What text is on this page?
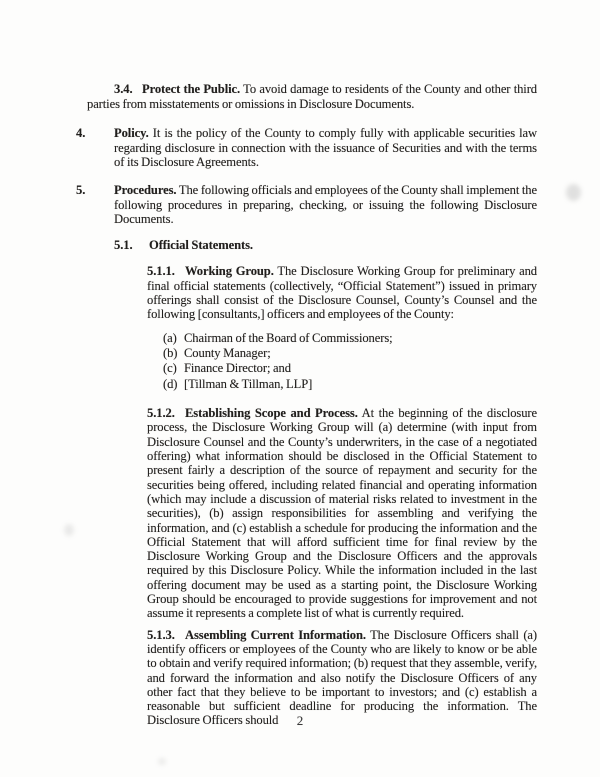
3.4. Protect the Public. To avoid damage to residents of the County and other third parties from misstatements or omissions in Disclosure Documents.

4. Policy. It is the policy of the County to comply fully with applicable securities law regarding disclosure in connection with the issuance of Securities and with the terms of its Disclosure Agreements.

5. Procedures. The following officials and employees of the County shall implement the following procedures in preparing, checking, or issuing the following Disclosure Documents.

5.1. Official Statements.

5.1.1. Working Group. The Disclosure Working Group for preliminary and final official statements (collectively, “Official Statement”) issued in primary offerings shall consist of the Disclosure Counsel, County’s Counsel and the following [consultants,] officers and employees of the County:

(a) Chairman of the Board of Commissioners;
(b) County Manager;
(c) Finance Director; and
(d) [Tillman & Tillman, LLP]

5.1.2. Establishing Scope and Process. At the beginning of the disclosure process, the Disclosure Working Group will (a) determine (with input from Disclosure Counsel and the County’s underwriters, in the case of a negotiated offering) what information should be disclosed in the Official Statement to present fairly a description of the source of repayment and security for the securities being offered, including related financial and operating information (which may include a discussion of material risks related to investment in the securities), (b) assign responsibilities for assembling and verifying the information, and (c) establish a schedule for producing the information and the Official Statement that will afford sufficient time for final review by the Disclosure Working Group and the Disclosure Officers and the approvals required by this Disclosure Policy. While the information included in the last offering document may be used as a starting point, the Disclosure Working Group should be encouraged to provide suggestions for improvement and not assume it represents a complete list of what is currently required.

5.1.3. Assembling Current Information. The Disclosure Officers shall (a) identify officers or employees of the County who are likely to know or be able to obtain and verify required information; (b) request that they assemble, verify, and forward the information and also notify the Disclosure Officers of any other fact that they believe to be important to investors; and (c) establish a reasonable but sufficient deadline for producing the information. The Disclosure Officers should	2
